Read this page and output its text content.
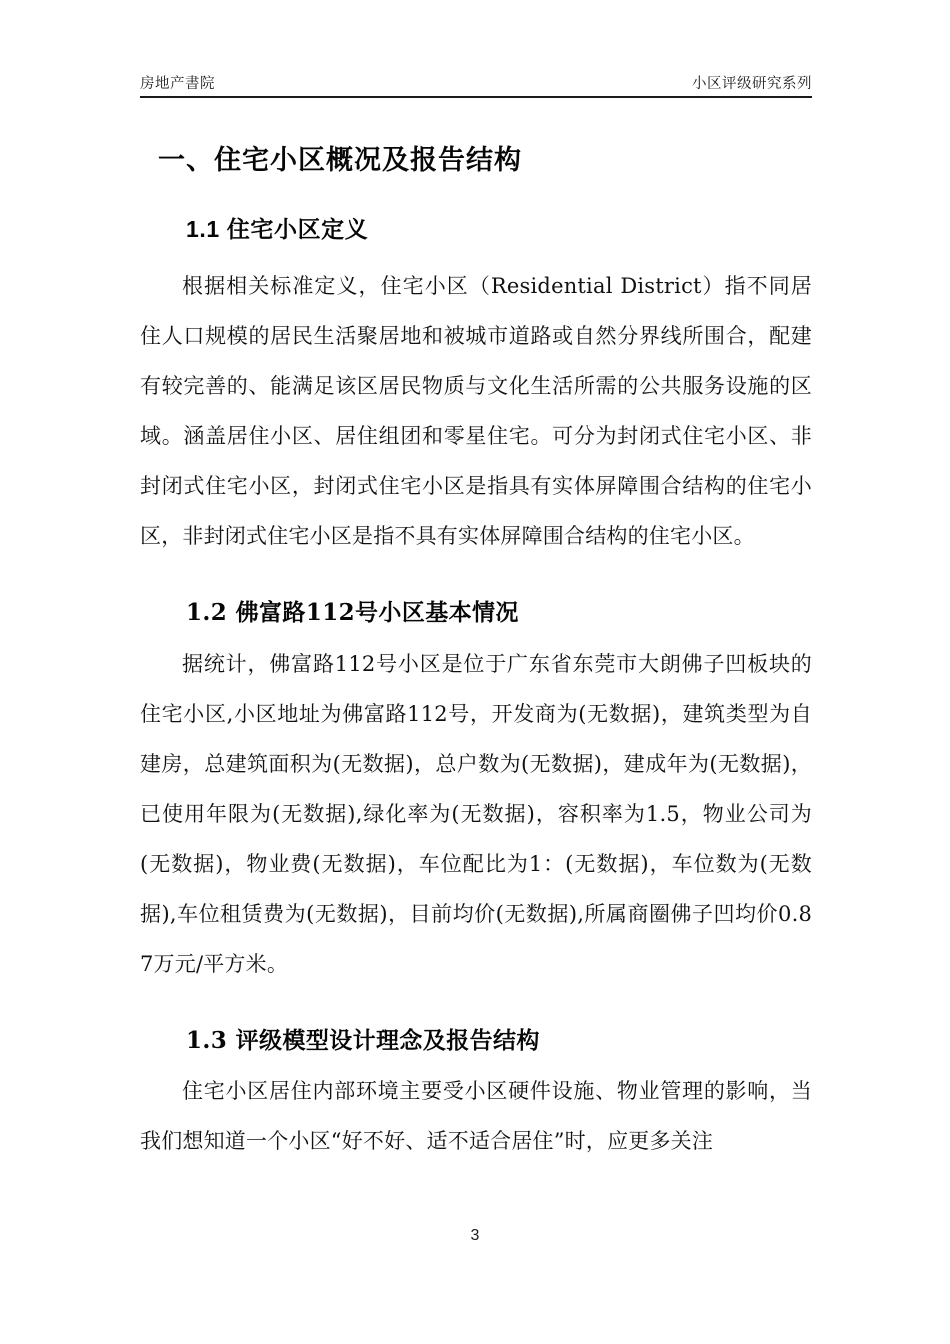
房地产書院	小区评级研究系列
一、住宅小区概况及报告结构
1.1 住宅小区定义

根据相关标准定义，住宅小区（Residential District）指不同居住人口规模的居民生活聚居地和被城市道路或自然分界线所围合，配建有较完善的、能满足该区居民物质与文化生活所需的公共服务设施的区域。涵盖居住小区、居住组团和零星住宅。可分为封闭式住宅小区、非封闭式住宅小区，封闭式住宅小区是指具有实体屏障围合结构的住宅小区，非封闭式住宅小区是指不具有实体屏障围合结构的住宅小区。

1.2 佛富路112号小区基本情况

据统计，佛富路112号小区是位于广东省东莞市大朗佛子凹板块的住宅小区,小区地址为佛富路112号，开发商为(无数据)，建筑类型为自建房，总建筑面积为(无数据)，总户数为(无数据)，建成年为(无数据)，已使用年限为(无数据),绿化率为(无数据)，容积率为1.5，物业公司为(无数据)，物业费(无数据)，车位配比为1：(无数据)，车位数为(无数据),车位租赁费为(无数据)，目前均价(无数据),所属商圈佛子凹均价0.87万元/平方米。

1.3 评级模型设计理念及报告结构

住宅小区居住内部环境主要受小区硬件设施、物业管理的影响，当我们想知道一个小区“好不好、适不适合居住”时，应更多关注

3
